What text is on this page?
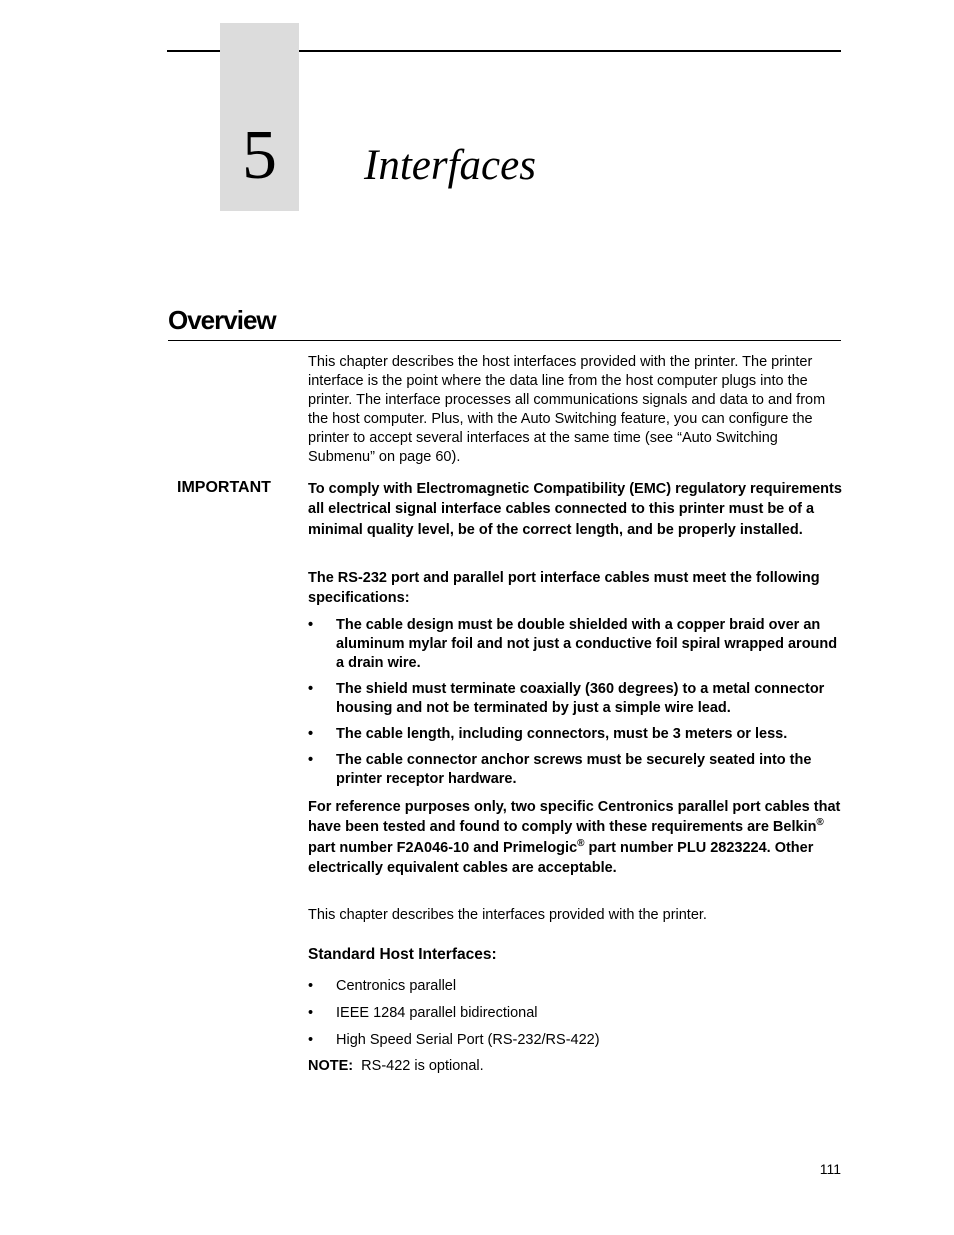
5	Interfaces
Overview

This chapter describes the host interfaces provided with the printer. The printer interface is the point where the data line from the host computer plugs into the printer. The interface processes all communications signals and data to and from the host computer. Plus, with the Auto Switching feature, you can configure the printer to accept several interfaces at the same time (see “Auto Switching Submenu” on page 60).

IMPORTANT	To comply with Electromagnetic Compatibility (EMC) regulatory requirements all electrical signal interface cables connected to this printer must be of a minimal quality level, be of the correct length, and be properly installed.

The RS-232 port and parallel port interface cables must meet the following specifications:

• The cable design must be double shielded with a copper braid over an aluminum mylar foil and not just a conductive foil spiral wrapped around a drain wire.
• The shield must terminate coaxially (360 degrees) to a metal connector housing and not be terminated by just a simple wire lead.
• The cable length, including connectors, must be 3 meters or less.
• The cable connector anchor screws must be securely seated into the printer receptor hardware.

For reference purposes only, two specific Centronics parallel port cables that have been tested and found to comply with these requirements are Belkin® part number F2A046-10 and Primelogic® part number PLU 2823224. Other electrically equivalent cables are acceptable.

This chapter describes the interfaces provided with the printer.

Standard Host Interfaces:
• Centronics parallel
• IEEE 1284 parallel bidirectional
• High Speed Serial Port (RS-232/RS-422)
NOTE: RS-422 is optional.
111
